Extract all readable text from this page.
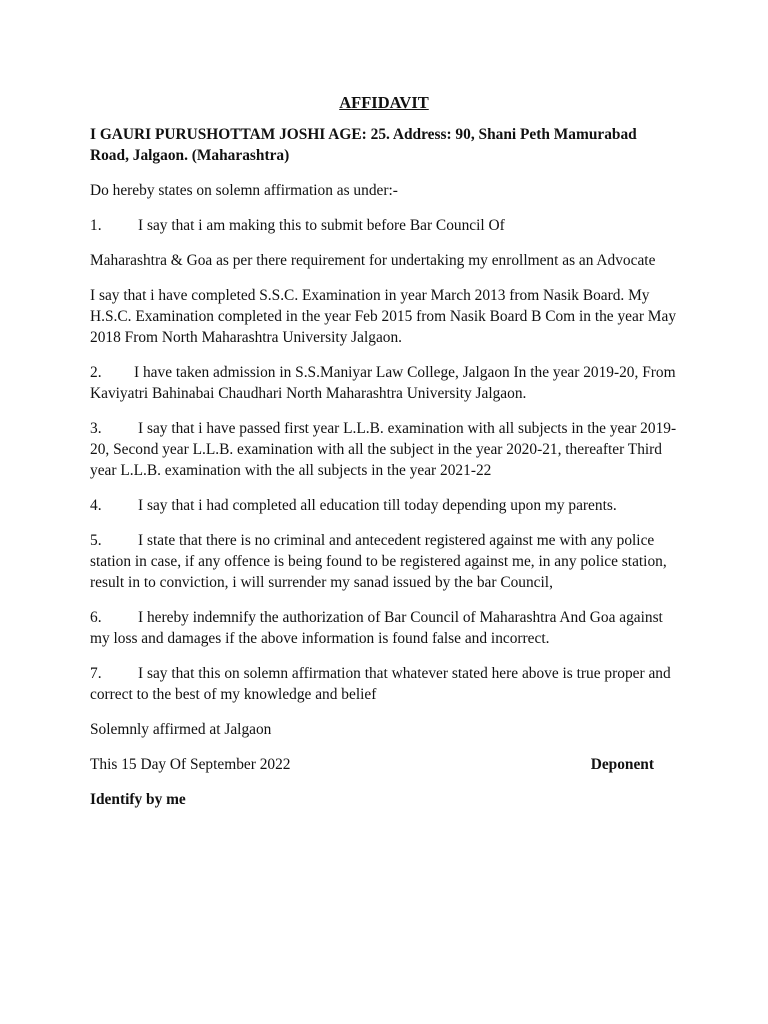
AFFIDAVIT
I GAURI PURUSHOTTAM JOSHI AGE: 25. Address: 90, Shani Peth Mamurabad Road, Jalgaon. (Maharashtra)
Do hereby states on solemn affirmation as under:-
1. I say that i am making this to submit before Bar Council Of
Maharashtra & Goa as per there requirement for undertaking my enrollment as an Advocate
I say that i have completed S.S.C. Examination in year March 2013 from Nasik Board. My H.S.C. Examination completed in the year Feb 2015 from Nasik Board B Com in the year May 2018 From North Maharashtra University Jalgaon.
2. I have taken admission in S.S.Maniyar Law College, Jalgaon In the year 2019-20, From Kaviyatri Bahinabai Chaudhari North Maharashtra University Jalgaon.
3. I say that i have passed first year L.L.B. examination with all subjects in the year 2019-20, Second year L.L.B. examination with all the subject in the year 2020-21, thereafter Third year L.L.B. examination with the all subjects in the year 2021-22
4. I say that i had completed all education till today depending upon my parents.
5. I state that there is no criminal and antecedent registered against me with any police station in case, if any offence is being found to be registered against me, in any police station, result in to conviction, i will surrender my sanad issued by the bar Council,
6. I hereby indemnify the authorization of Bar Council of Maharashtra And Goa against my loss and damages if the above information is found false and incorrect.
7. I say that this on solemn affirmation that whatever stated here above is true proper and correct to the best of my knowledge and belief
Solemnly affirmed at Jalgaon
This 15 Day Of September 2022	Deponent
Identify by me
